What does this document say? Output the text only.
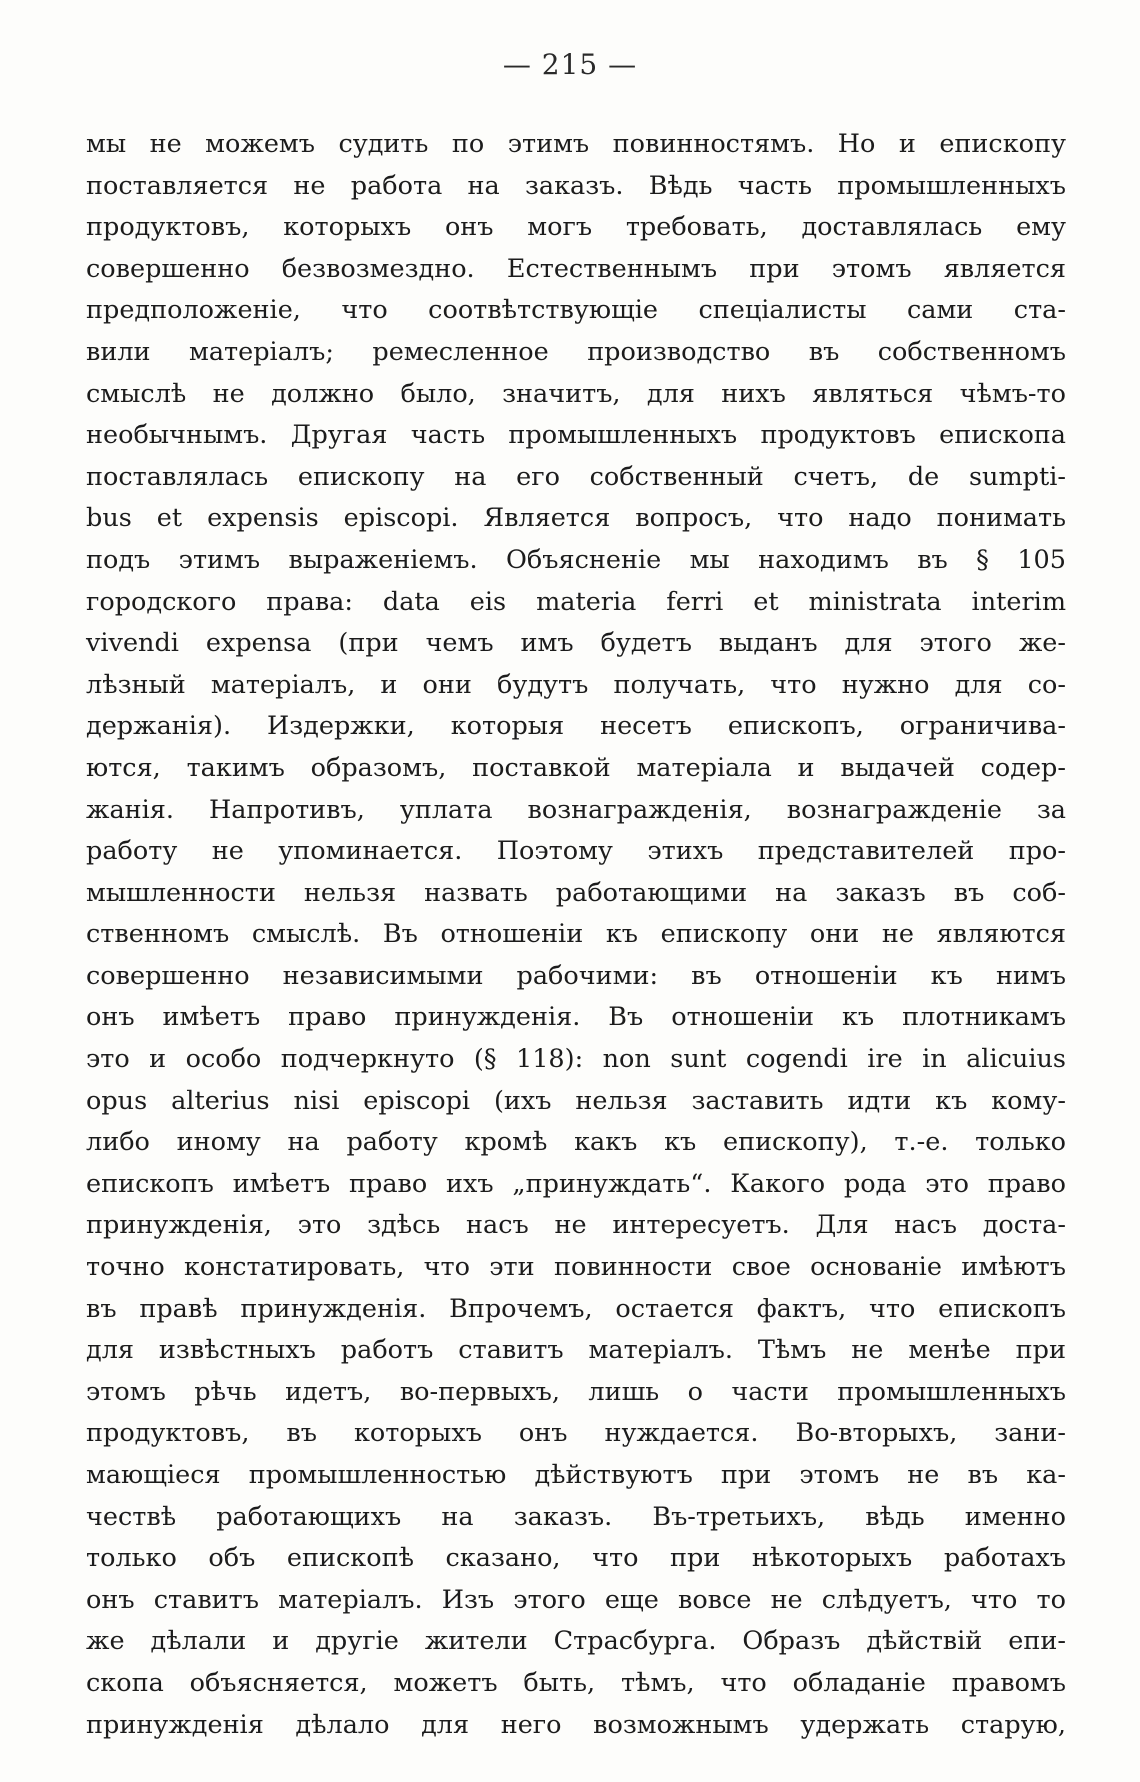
— 215 —
мы не можемъ судить по этимъ повинностямъ. Но и епископу
поставляется не работа на заказъ. Вѣдь часть промышленныхъ
продуктовъ, которыхъ онъ могъ требовать, доставлялась ему
совершенно безвозмездно. Естественнымъ при этомъ является
предположеніе, что соотвѣтствующіе спеціалисты сами ста-
вили матеріалъ; ремесленное производство въ собственномъ
смыслѣ не должно было, значитъ, для нихъ являться чѣмъ-то
необычнымъ. Другая часть промышленныхъ продуктовъ епископа
поставлялась епископу на его собственный счетъ, de sumpti-
bus et expensis episcopi. Является вопросъ, что надо понимать
подъ этимъ выраженіемъ. Объясненіе мы находимъ въ § 105
городского права: data eis materia ferri et ministrata interim
vivendi expensa (при чемъ имъ будетъ выданъ для этого же-
лѣзный матеріалъ, и они будутъ получать, что нужно для со-
держанія). Издержки, которыя несетъ епископъ, ограничива-
ются, такимъ образомъ, поставкой матеріала и выдачей содер-
жанія. Напротивъ, уплата вознагражденія, вознагражденіе за
работу не упоминается. Поэтому этихъ представителей про-
мышленности нельзя назвать работающими на заказъ въ соб-
ственномъ смыслѣ. Въ отношеніи къ епископу они не являются
совершенно независимыми рабочими: въ отношеніи къ нимъ
онъ имѣетъ право принужденія. Въ отношеніи къ плотникамъ
это и особо подчеркнуто (§ 118): non sunt cogendi ire in alicuius
opus alterius nisi episcopi (ихъ нельзя заставить идти къ кому-
либо иному на работу кромѣ какъ къ епископу), т.-е. только
епископъ имѣетъ право ихъ „принуждать“. Какого рода это право
принужденія, это здѣсь насъ не интересуетъ. Для насъ доста-
точно констатировать, что эти повинности свое основаніе имѣютъ
въ правѣ принужденія. Впрочемъ, остается фактъ, что епископъ
для извѣстныхъ работъ ставитъ матеріалъ. Тѣмъ не менѣе при
этомъ рѣчь идетъ, во-первыхъ, лишь о части промышленныхъ
продуктовъ, въ которыхъ онъ нуждается. Во-вторыхъ, зани-
мающіеся промышленностью дѣйствуютъ при этомъ не въ ка-
чествѣ работающихъ на заказъ. Въ-третьихъ, вѣдь именно
только объ епископѣ сказано, что при нѣкоторыхъ работахъ
онъ ставитъ матеріалъ. Изъ этого еще вовсе не слѣдуетъ, что то
же дѣлали и другіе жители Страсбурга. Образъ дѣйствій епи-
скопа объясняется, можетъ быть, тѣмъ, что обладаніе правомъ
принужденія дѣлало для него возможнымъ удержать старую,
